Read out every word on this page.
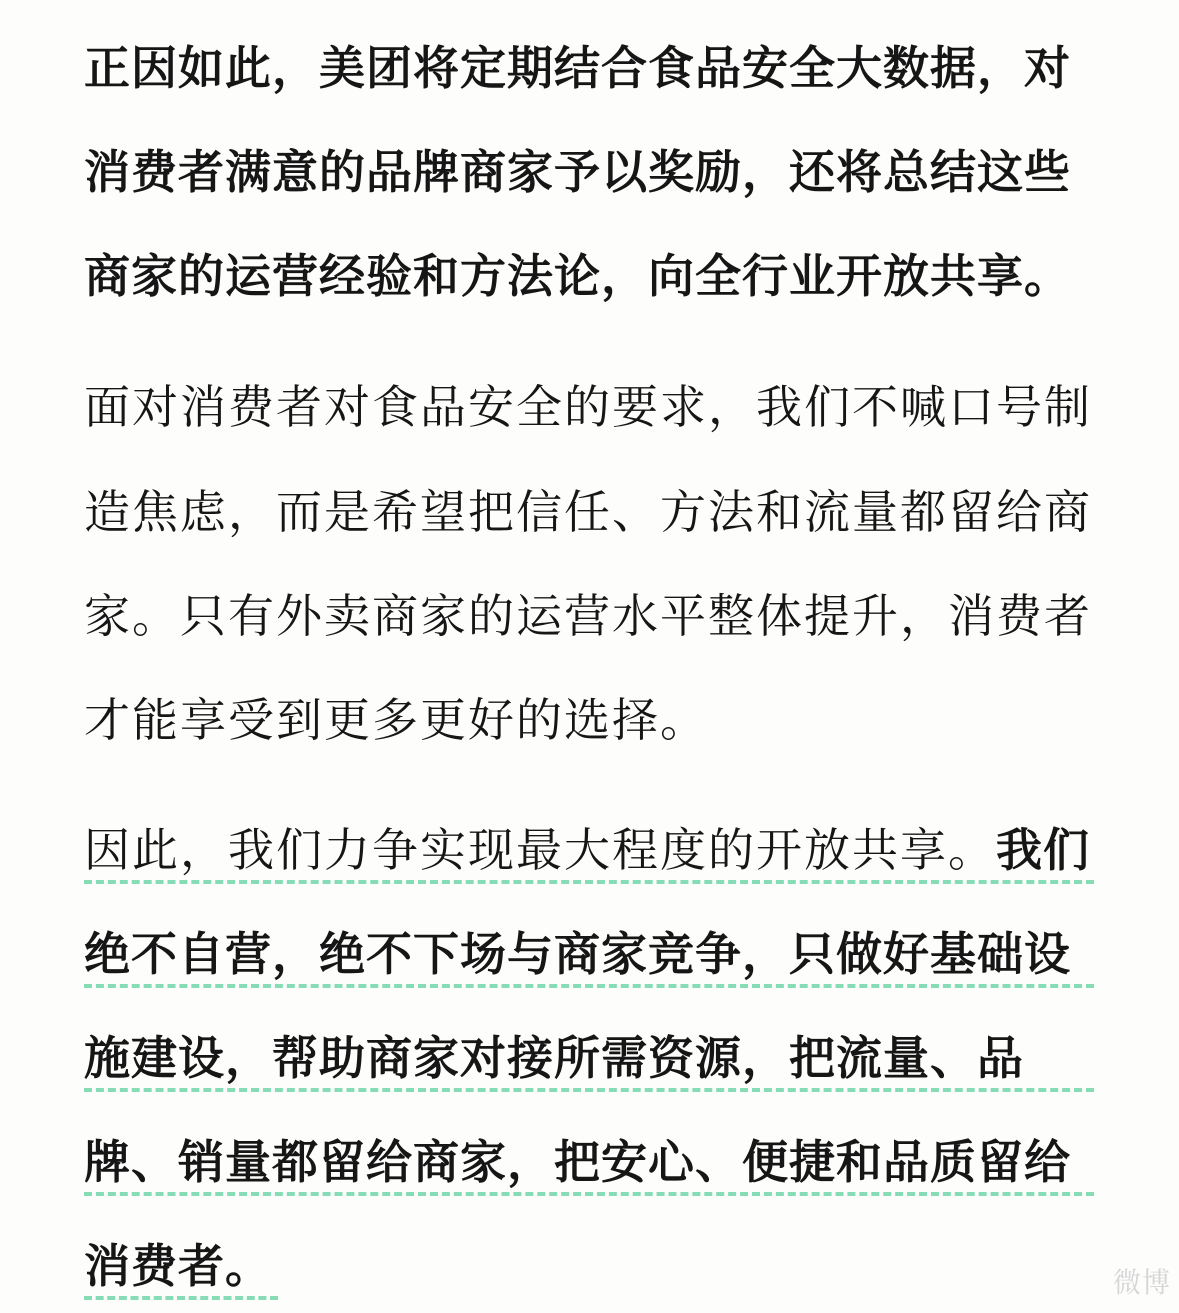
正因如此，美团将定期结合食品安全大数据，对
消费者满意的品牌商家予以奖励，还将总结这些
商家的运营经验和方法论，向全行业开放共享。
面对消费者对食品安全的要求，我们不喊口号制
造焦虑，而是希望把信任、方法和流量都留给商
家。只有外卖商家的运营水平整体提升，消费者
才能享受到更多更好的选择。
因此，我们力争实现最大程度的开放共享。我们
绝不自营，绝不下场与商家竞争，只做好基础设
施建设，帮助商家对接所需资源，把流量、品
牌、销量都留给商家，把安心、便捷和品质留给
消费者。	微博
